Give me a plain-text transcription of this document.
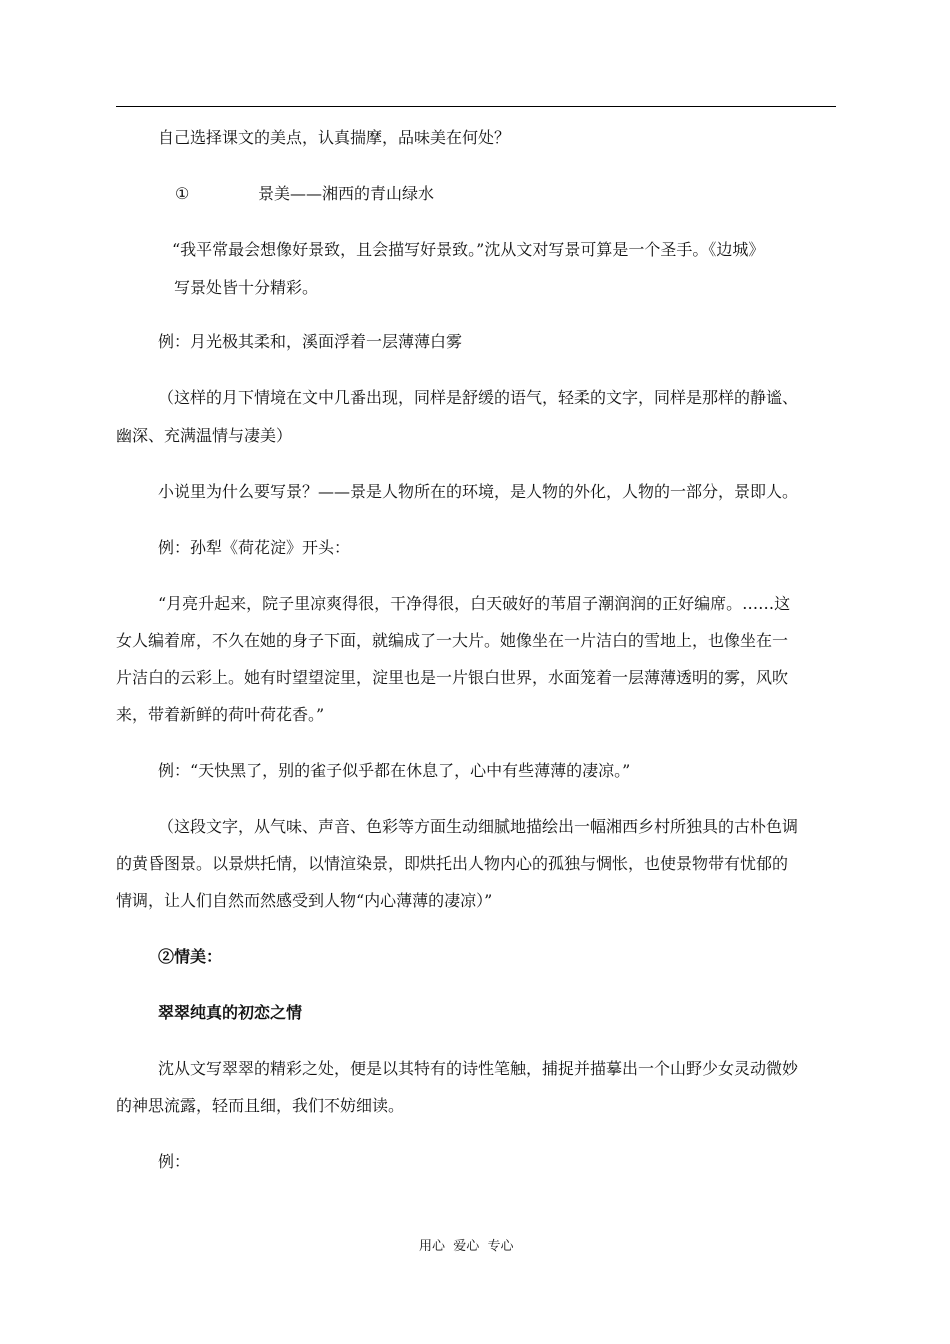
自己选择课文的美点，认真揣摩，品味美在何处？
①	景美——湘西的青山绿水
“我平常最会想像好景致，且会描写好景致。”沈从文对写景可算是一个圣手。《边城》
写景处皆十分精彩。
例：月光极其柔和，溪面浮着一层薄薄白雾
（这样的月下情境在文中几番出现，同样是舒缓的语气，轻柔的文字，同样是那样的静谧、
幽深、充满温情与凄美）
小说里为什么要写景？——景是人物所在的环境，是人物的外化，人物的一部分，景即人。
例：孙犁《荷花淀》开头：
“月亮升起来，院子里凉爽得很，干净得很，白天破好的苇眉子潮润润的正好编席。……这
女人编着席，不久在她的身子下面，就编成了一大片。她像坐在一片洁白的雪地上，也像坐在一
片洁白的云彩上。她有时望望淀里，淀里也是一片银白世界，水面笼着一层薄薄透明的雾，风吹
来，带着新鲜的荷叶荷花香。”
例：“天快黑了，别的雀子似乎都在休息了，心中有些薄薄的凄凉。”
（这段文字，从气味、声音、色彩等方面生动细腻地描绘出一幅湘西乡村所独具的古朴色调
的黄昏图景。以景烘托情，以情渲染景，即烘托出人物内心的孤独与惆怅，也使景物带有忧郁的
情调，让人们自然而然感受到人物“内心薄薄的凄凉）”
②情美：
翠翠纯真的初恋之情
沈从文写翠翠的精彩之处，便是以其特有的诗性笔触，捕捉并描摹出一个山野少女灵动微妙
的神思流露，轻而且细，我们不妨细读。
例：
用心  爱心  专心
